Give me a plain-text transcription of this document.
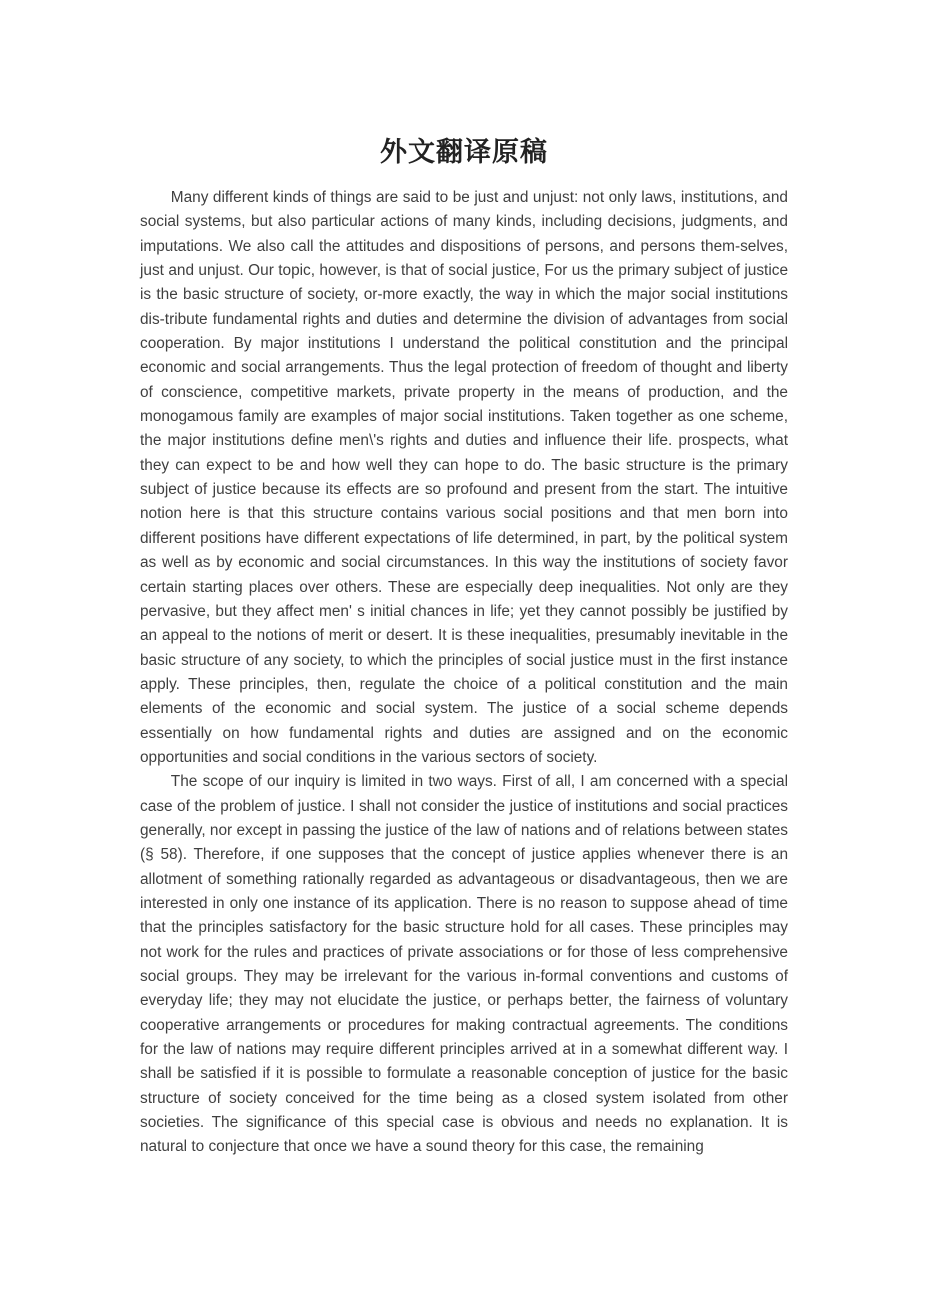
外文翻译原稿

Many different kinds of things are said to be just and unjust: not only laws, institutions, and social systems, but also particular actions of many kinds, including decisions, judgments, and imputations. We also call the attitudes and dispositions of persons, and persons them-selves, just and unjust. Our topic, however, is that of social justice, For us the primary subject of justice is the basic structure of society, or-more exactly, the way in which the major social institutions dis-tribute fundamental rights and duties and determine the division of advantages from social cooperation. By major institutions I understand the political constitution and the principal economic and social arrangements. Thus the legal protection of freedom of thought and liberty of conscience, competitive markets, private property in the means of production, and the monogamous family are examples of major social institutions. Taken together as one scheme, the major institutions define men\'s rights and duties and influence their life. prospects, what they can expect to be and how well they can hope to do. The basic structure is the primary subject of justice because its effects are so profound and present from the start. The intuitive notion here is that this structure contains various social positions and that men born into different positions have different expectations of life determined, in part, by the political system as well as by economic and social circumstances. In this way the institutions of society favor certain starting places over others. These are especially deep inequalities. Not only are they pervasive, but they affect men' s initial chances in life; yet they cannot possibly be justified by an appeal to the notions of merit or desert. It is these inequalities, presumably inevitable in the basic structure of any society, to which the principles of social justice must in the first instance apply. These principles, then, regulate the choice of a political constitution and the main elements of the economic and social system. The justice of a social scheme depends essentially on how fundamental rights and duties are assigned and on the economic opportunities and social conditions in the various sectors of society.

The scope of our inquiry is limited in two ways. First of all, I am concerned with a special case of the problem of justice. I shall not consider the justice of institutions and social practices generally, nor except in passing the justice of the law of nations and of relations between states (§ 58). Therefore, if one supposes that the concept of justice applies whenever there is an allotment of something rationally regarded as advantageous or disadvantageous, then we are interested in only one instance of its application. There is no reason to suppose ahead of time that the principles satisfactory for the basic structure hold for all cases. These principles may not work for the rules and practices of private associations or for those of less comprehensive social groups. They may be irrelevant for the various in-formal conventions and customs of everyday life; they may not elucidate the justice, or perhaps better, the fairness of voluntary cooperative arrangements or procedures for making contractual agreements. The conditions for the law of nations may require different principles arrived at in a somewhat different way. I shall be satisfied if it is possible to formulate a reasonable conception of justice for the basic structure of society conceived for the time being as a closed system isolated from other societies. The significance of this special case is obvious and needs no explanation. It is natural to conjecture that once we have a sound theory for this case, the remaining
